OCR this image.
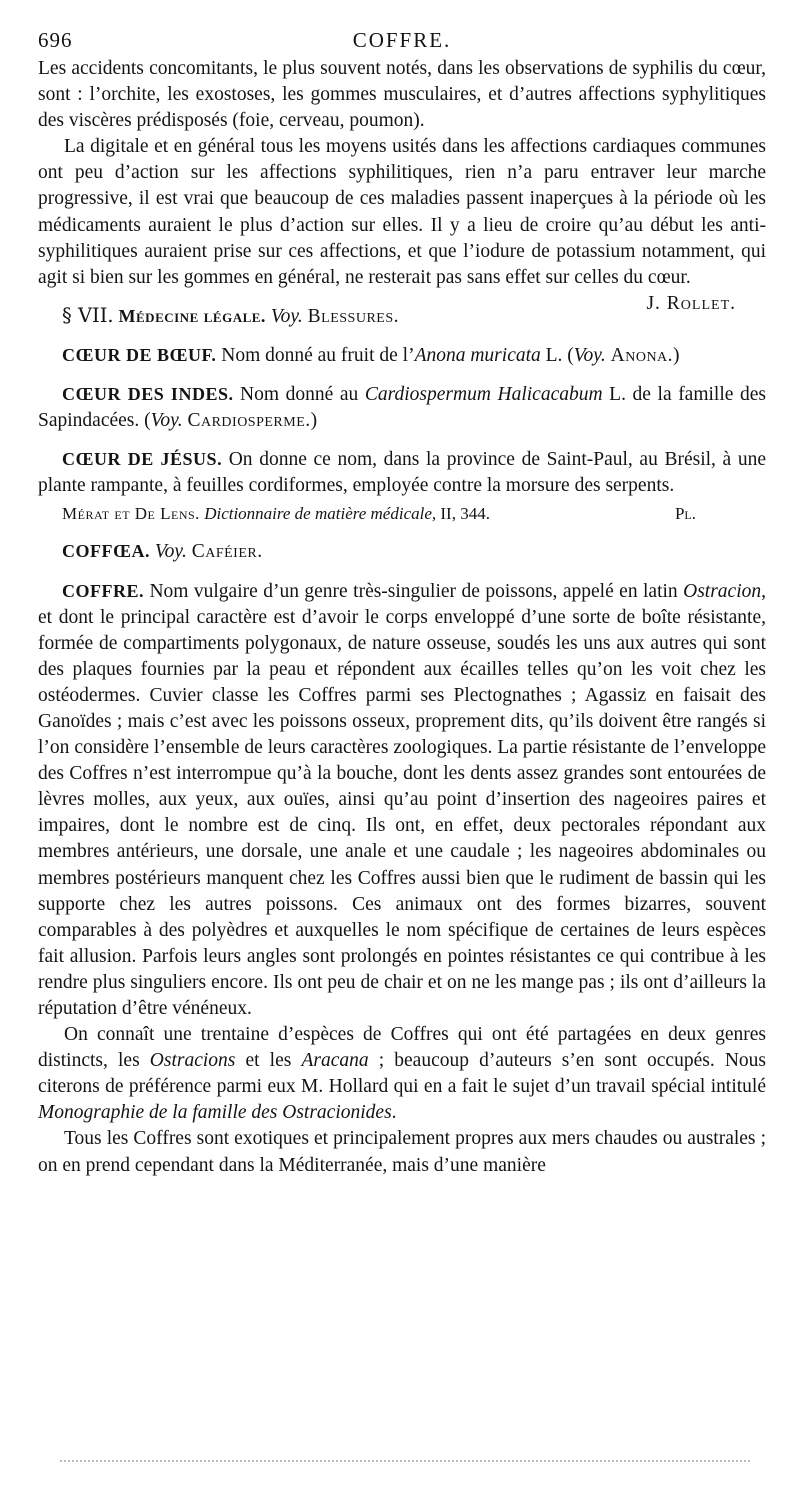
696	COFFRE.

Les accidents concomitants, le plus souvent notés, dans les observations de syphilis du cœur, sont : l’orchite, les exostoses, les gommes musculaires, et d’autres affections syphylitiques des viscères prédisposés (foie, cerveau, poumon).

La digitale et en général tous les moyens usités dans les affections cardiaques communes ont peu d’action sur les affections syphilitiques, rien n’a paru entraver leur marche progressive, il est vrai que beaucoup de ces maladies passent inaperçues à la période où les médicaments auraient le plus d’action sur elles. Il y a lieu de croire qu’au début les anti-syphilitiques auraient prise sur ces affections, et que l’iodure de potassium notamment, qui agit si bien sur les gommes en général, ne resterait pas sans effet sur celles du cœur.
J. Rollet.

§ VII. Médecine légale. Voy. Blessures.

CŒUR DE BŒUF. Nom donné au fruit de l’Anona muricata L. (Voy. Anona.)

CŒUR DES INDES. Nom donné au Cardiospermum Halicacabum L. de la famille des Sapindacées. (Voy. Cardiosperme.)

CŒUR DE JÉSUS. On donne ce nom, dans la province de Saint-Paul, au Brésil, à une plante rampante, à feuilles cordiformes, employée contre la morsure des serpents.

Mérat et De Lens. Dictionnaire de matière médicale, II, 344.	Pl.

COFFŒA. Voy. Caféier.

COFFRE. Nom vulgaire d’un genre très-singulier de poissons, appelé en latin Ostracion, et dont le principal caractère est d’avoir le corps enveloppé d’une sorte de boîte résistante, formée de compartiments polygonaux, de nature osseuse, soudés les uns aux autres qui sont des plaques fournies par la peau et répondent aux écailles telles qu’on les voit chez les ostéodermes. Cuvier classe les Coffres parmi ses Plectognathes ; Agassiz en faisait des Ganoïdes ; mais c’est avec les poissons osseux, proprement dits, qu’ils doivent être rangés si l’on considère l’ensemble de leurs caractères zoologiques. La partie résistante de l’enveloppe des Coffres n’est interrompue qu’à la bouche, dont les dents assez grandes sont entourées de lèvres molles, aux yeux, aux ouïes, ainsi qu’au point d’insertion des nageoires paires et impaires, dont le nombre est de cinq. Ils ont, en effet, deux pectorales répondant aux membres antérieurs, une dorsale, une anale et une caudale ; les nageoires abdominales ou membres postérieurs manquent chez les Coffres aussi bien que le rudiment de bassin qui les supporte chez les autres poissons. Ces animaux ont des formes bizarres, souvent comparables à des polyèdres et auxquelles le nom spécifique de certaines de leurs espèces fait allusion. Parfois leurs angles sont prolongés en pointes résistantes ce qui contribue à les rendre plus singuliers encore. Ils ont peu de chair et on ne les mange pas ; ils ont d’ailleurs la réputation d’être vénéneux.

On connaît une trentaine d’espèces de Coffres qui ont été partagées en deux genres distincts, les Ostracions et les Aracana ; beaucoup d’auteurs s’en sont occupés. Nous citerons de préférence parmi eux M. Hollard qui en a fait le sujet d’un travail spécial intitulé Monographie de la famille des Ostracionides.

Tous les Coffres sont exotiques et principalement propres aux mers chaudes ou australes ; on en prend cependant dans la Méditerranée, mais d’une manière
